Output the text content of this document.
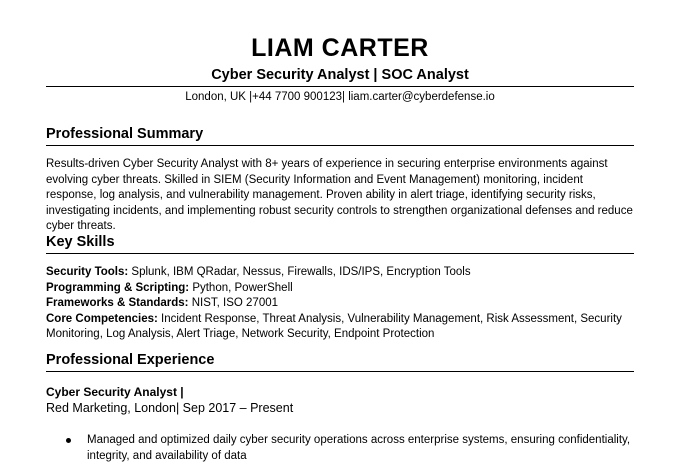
LIAM CARTER
Cyber Security Analyst | SOC Analyst
London, UK |+44 7700 900123| liam.carter@cyberdefense.io
Professional Summary
Results-driven Cyber Security Analyst with 8+ years of experience in securing enterprise environments against evolving cyber threats. Skilled in SIEM (Security Information and Event Management) monitoring, incident response, log analysis, and vulnerability management. Proven ability in alert triage, identifying security risks, investigating incidents, and implementing robust security controls to strengthen organizational defenses and reduce cyber threats.
Key Skills
Security Tools: Splunk, IBM QRadar, Nessus, Firewalls, IDS/IPS, Encryption Tools
Programming & Scripting: Python, PowerShell
Frameworks & Standards: NIST, ISO 27001
Core Competencies: Incident Response, Threat Analysis, Vulnerability Management, Risk Assessment, Security Monitoring, Log Analysis, Alert Triage, Network Security, Endpoint Protection
Professional Experience
Cyber Security Analyst |
Red Marketing, London| Sep 2017 – Present
Managed and optimized daily cyber security operations across enterprise systems, ensuring confidentiality, integrity, and availability of data
